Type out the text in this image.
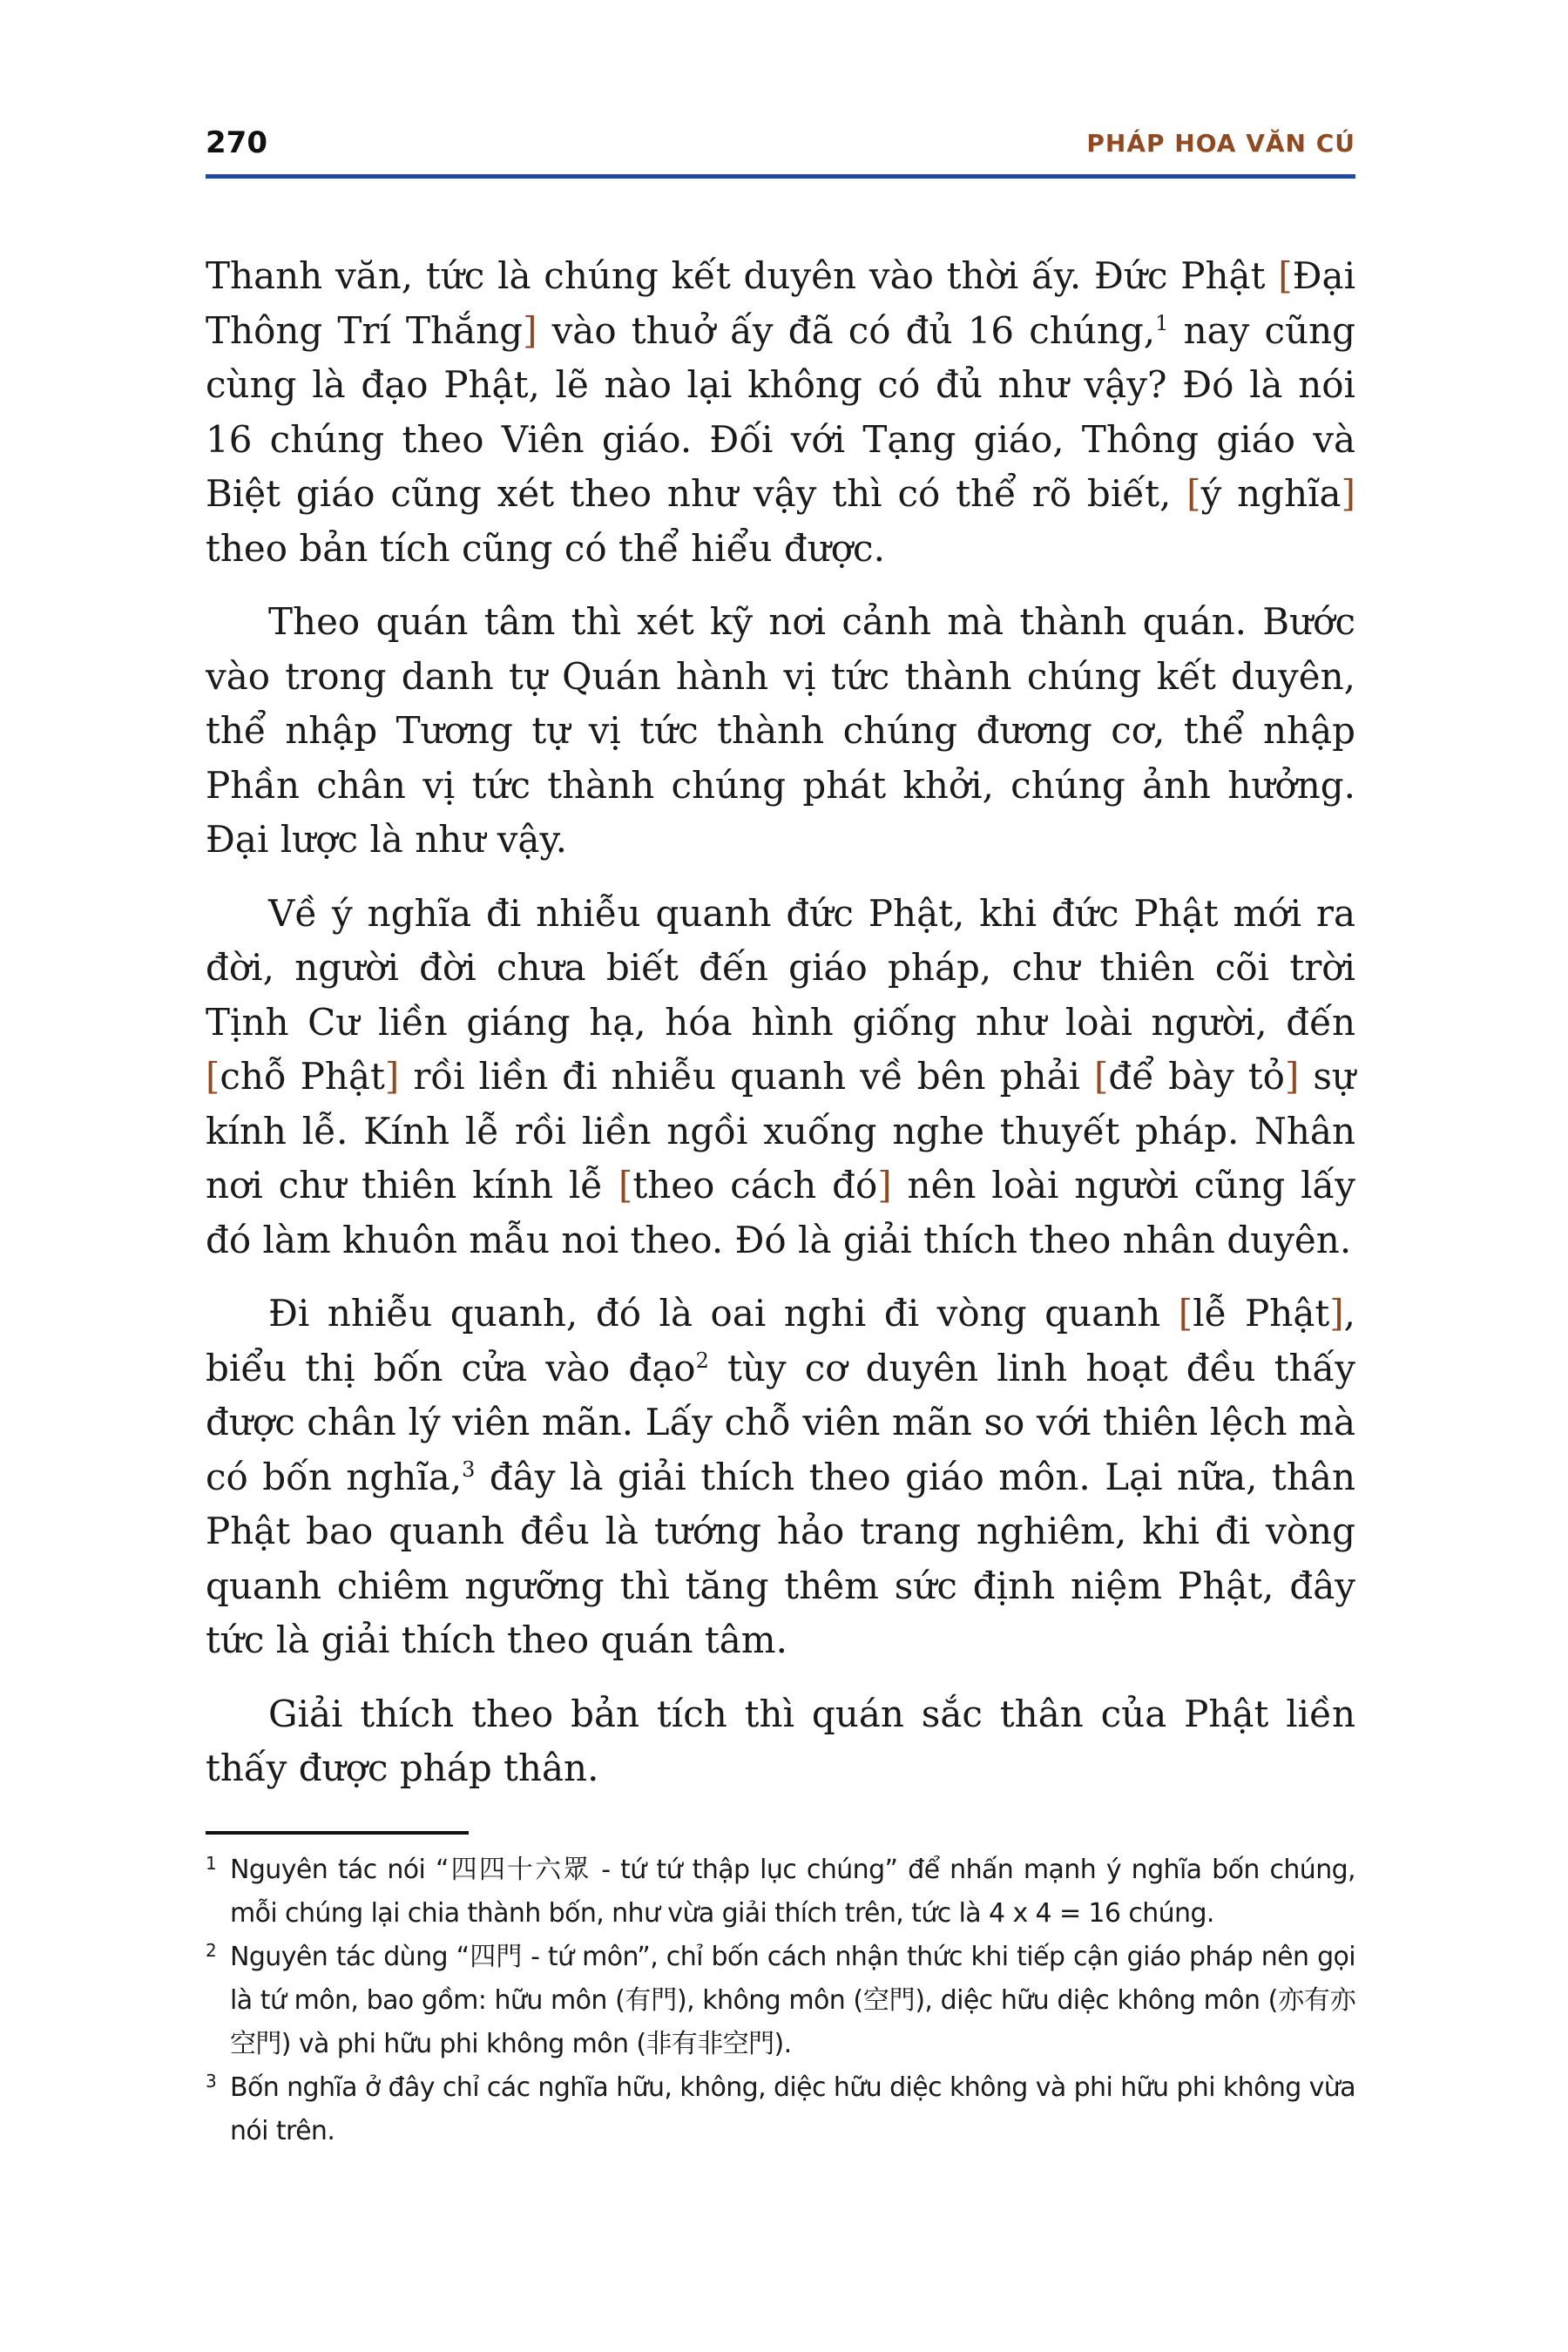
270	PHÁP HOA VĂN CÚ

Thanh văn, tức là chúng kết duyên vào thời ấy. Đức Phật [Đại Thông Trí Thắng] vào thuở ấy đã có đủ 16 chúng,$^1$ nay cũng cùng là đạo Phật, lẽ nào lại không có đủ như vậy? Đó là nói 16 chúng theo Viên giáo. Đối với Tạng giáo, Thông giáo và Biệt giáo cũng xét theo như vậy thì có thể rõ biết, [ý nghĩa] theo bản tích cũng có thể hiểu được.

Theo quán tâm thì xét kỹ nơi cảnh mà thành quán. Bước vào trong danh tự Quán hành vị tức thành chúng kết duyên, thể nhập Tương tự vị tức thành chúng đương cơ, thể nhập Phần chân vị tức thành chúng phát khởi, chúng ảnh hưởng. Đại lược là như vậy.

Về ý nghĩa đi nhiễu quanh đức Phật, khi đức Phật mới ra đời, người đời chưa biết đến giáo pháp, chư thiên cõi trời Tịnh Cư liền giáng hạ, hóa hình giống như loài người, đến [chỗ Phật] rồi liền đi nhiễu quanh về bên phải [để bày tỏ] sự kính lễ. Kính lễ rồi liền ngồi xuống nghe thuyết pháp. Nhân nơi chư thiên kính lễ [theo cách đó] nên loài người cũng lấy đó làm khuôn mẫu noi theo. Đó là giải thích theo nhân duyên.

Đi nhiễu quanh, đó là oai nghi đi vòng quanh [lễ Phật], biểu thị bốn cửa vào đạo$^2$ tùy cơ duyên linh hoạt đều thấy được chân lý viên mãn. Lấy chỗ viên mãn so với thiên lệch mà có bốn nghĩa,$^3$ đây là giải thích theo giáo môn. Lại nữa, thân Phật bao quanh đều là tướng hảo trang nghiêm, khi đi vòng quanh chiêm ngưỡng thì tăng thêm sức định niệm Phật, đây tức là giải thích theo quán tâm.

Giải thích theo bản tích thì quán sắc thân của Phật liền thấy được pháp thân.

1 Nguyên tác nói “四四十六眾 - tứ tứ thập lục chúng” để nhấn mạnh ý nghĩa bốn chúng, mỗi chúng lại chia thành bốn, như vừa giải thích trên, tức là 4 x 4 = 16 chúng.

2 Nguyên tác dùng “四門 - tứ môn”, chỉ bốn cách nhận thức khi tiếp cận giáo pháp nên gọi là tứ môn, bao gồm: hữu môn (有門), không môn (空門), diệc hữu diệc không môn (亦有亦空門) và phi hữu phi không môn (非有非空門).

3 Bốn nghĩa ở đây chỉ các nghĩa hữu, không, diệc hữu diệc không và phi hữu phi không vừa nói trên.
